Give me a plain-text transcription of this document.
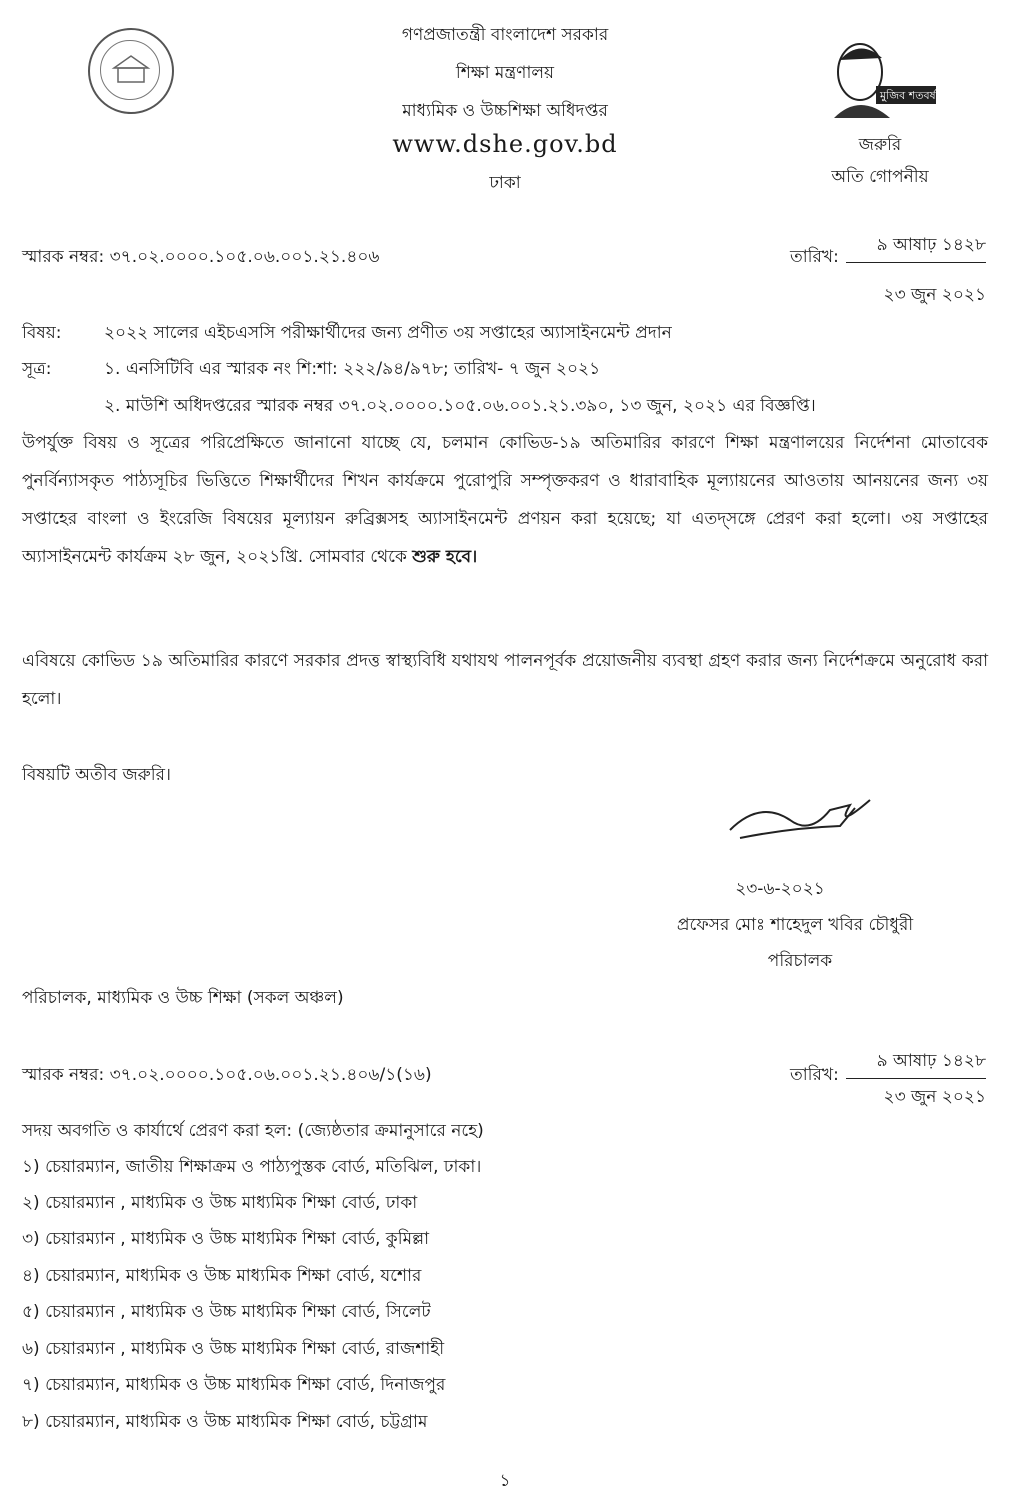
গণপ্রজাতন্ত্রী বাংলাদেশ সরকার
শিক্ষা মন্ত্রণালয়
মাধ্যমিক ও উচ্চশিক্ষা অধিদপ্তর
www.dshe.gov.bd
ঢাকা
মুজিব শতবর্ষ
জরুরি
অতি গোপনীয়
স্মারক নম্বর: ৩৭.০২.০০০০.১০৫.০৬.০০১.২১.৪০৬	তারিখ:
৯ আষাঢ় ১৪২৮
২৩ জুন ২০২১
বিষয়:	২০২২ সালের এইচএসসি পরীক্ষার্থীদের জন্য প্রণীত ৩য় সপ্তাহের অ্যাসাইনমেন্ট প্রদান
সূত্র:	১. এনসিটিবি এর স্মারক নং শি:শা: ২২২/৯৪/৯৭৮; তারিখ- ৭ জুন ২০২১
২. মাউশি অধিদপ্তরের স্মারক নম্বর ৩৭.০২.০০০০.১০৫.০৬.০০১.২১.৩৯০, ১৩ জুন, ২০২১ এর বিজ্ঞপ্তি।
উপর্যুক্ত বিষয় ও সূত্রের পরিপ্রেক্ষিতে জানানো যাচ্ছে যে, চলমান কোভিড-১৯ অতিমারির কারণে শিক্ষা মন্ত্রণালয়ের নির্দেশনা মোতাবেক পুনর্বিন্যাসকৃত পাঠ্যসূচির ভিত্তিতে শিক্ষার্থীদের শিখন কার্যক্রমে পুরোপুরি সম্পৃক্তকরণ ও ধারাবাহিক মূল্যায়নের আওতায় আনয়নের জন্য ৩য় সপ্তাহের বাংলা ও ইংরেজি বিষয়ের মূল্যায়ন রুব্রিক্সসহ অ্যাসাইনমেন্ট প্রণয়ন করা হয়েছে; যা এতদ্‌সঙ্গে প্রেরণ করা হলো। ৩য় সপ্তাহের অ্যাসাইনমেন্ট কার্যক্রম ২৮ জুন, ২০২১খ্রি. সোমবার থেকে শুরু হবে।
এবিষয়ে কোভিড ১৯ অতিমারির কারণে সরকার প্রদত্ত স্বাস্থ্যবিধি যথাযথ পালনপূর্বক প্রয়োজনীয় ব্যবস্থা গ্রহণ করার জন্য নির্দেশক্রমে অনুরোধ করা হলো।
বিষয়টি অতীব জরুরি।
২৩-৬-২০২১
প্রফেসর মোঃ শাহেদুল খবির চৌধুরী
পরিচালক
পরিচালক, মাধ্যমিক ও উচ্চ শিক্ষা (সকল অঞ্চল)
স্মারক নম্বর: ৩৭.০২.০০০০.১০৫.০৬.০০১.২১.৪০৬/১(১৬)	তারিখ:
৯ আষাঢ় ১৪২৮
২৩ জুন ২০২১
সদয় অবগতি ও কার্যার্থে প্রেরণ করা হল: (জ্যেষ্ঠতার ক্রমানুসারে নহে)
১) চেয়ারম্যান, জাতীয় শিক্ষাক্রম ও পাঠ্যপুস্তক বোর্ড, মতিঝিল, ঢাকা।
২) চেয়ারম্যান , মাধ্যমিক ও উচ্চ মাধ্যমিক শিক্ষা বোর্ড, ঢাকা
৩) চেয়ারম্যান , মাধ্যমিক ও উচ্চ মাধ্যমিক শিক্ষা বোর্ড, কুমিল্লা
৪) চেয়ারম্যান, মাধ্যমিক ও উচ্চ মাধ্যমিক শিক্ষা বোর্ড, যশোর
৫) চেয়ারম্যান , মাধ্যমিক ও উচ্চ মাধ্যমিক শিক্ষা বোর্ড, সিলেট
৬) চেয়ারম্যান , মাধ্যমিক ও উচ্চ মাধ্যমিক শিক্ষা বোর্ড, রাজশাহী
৭) চেয়ারম্যান, মাধ্যমিক ও উচ্চ মাধ্যমিক শিক্ষা বোর্ড, দিনাজপুর
৮) চেয়ারম্যান, মাধ্যমিক ও উচ্চ মাধ্যমিক শিক্ষা বোর্ড, চট্টগ্রাম
১
